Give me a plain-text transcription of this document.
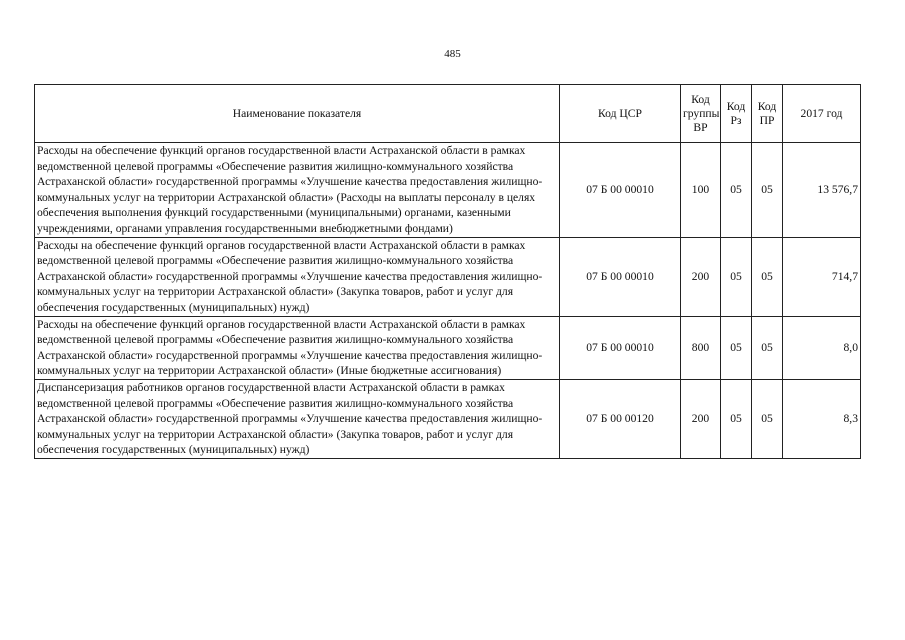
485
Наименование показателя	Код ЦСР	Код группы ВР	Код Рз	Код ПР	2017 год
Расходы на обеспечение функций органов государственной власти Астраханской области в рамках ведомственной целевой программы «Обеспечение развития жилищно-коммунального хозяйства Астраханской области» государственной программы «Улучшение качества предоставления жилищно-коммунальных услуг на территории Астраханской области» (Расходы на выплаты персоналу в целях обеспечения выполнения функций государственными (муниципальными) органами, казенными учреждениями, органами управления государственными внебюджетными фондами)	07 Б 00 00010	100	05	05	13 576,7
Расходы на обеспечение функций органов государственной власти Астраханской области в рамках ведомственной целевой программы «Обеспечение развития жилищно-коммунального хозяйства Астраханской области» государственной программы «Улучшение качества предоставления жилищно-коммунальных услуг на территории Астраханской области» (Закупка товаров, работ и услуг для обеспечения государственных (муниципальных) нужд)	07 Б 00 00010	200	05	05	714,7
Расходы на обеспечение функций органов государственной власти Астраханской области в рамках ведомственной целевой программы «Обеспечение развития жилищно-коммунального хозяйства Астраханской области» государственной программы «Улучшение качества предоставления жилищно-коммунальных услуг на территории Астраханской области» (Иные бюджетные ассигнования)	07 Б 00 00010	800	05	05	8,0
Диспансеризация работников органов государственной власти Астраханской области в рамках ведомственной целевой программы «Обеспечение развития жилищно-коммунального хозяйства Астраханской области» государственной программы «Улучшение качества предоставления жилищно-коммунальных услуг на территории Астраханской области» (Закупка товаров, работ и услуг для обеспечения государственных (муниципальных) нужд)	07 Б 00 00120	200	05	05	8,3
